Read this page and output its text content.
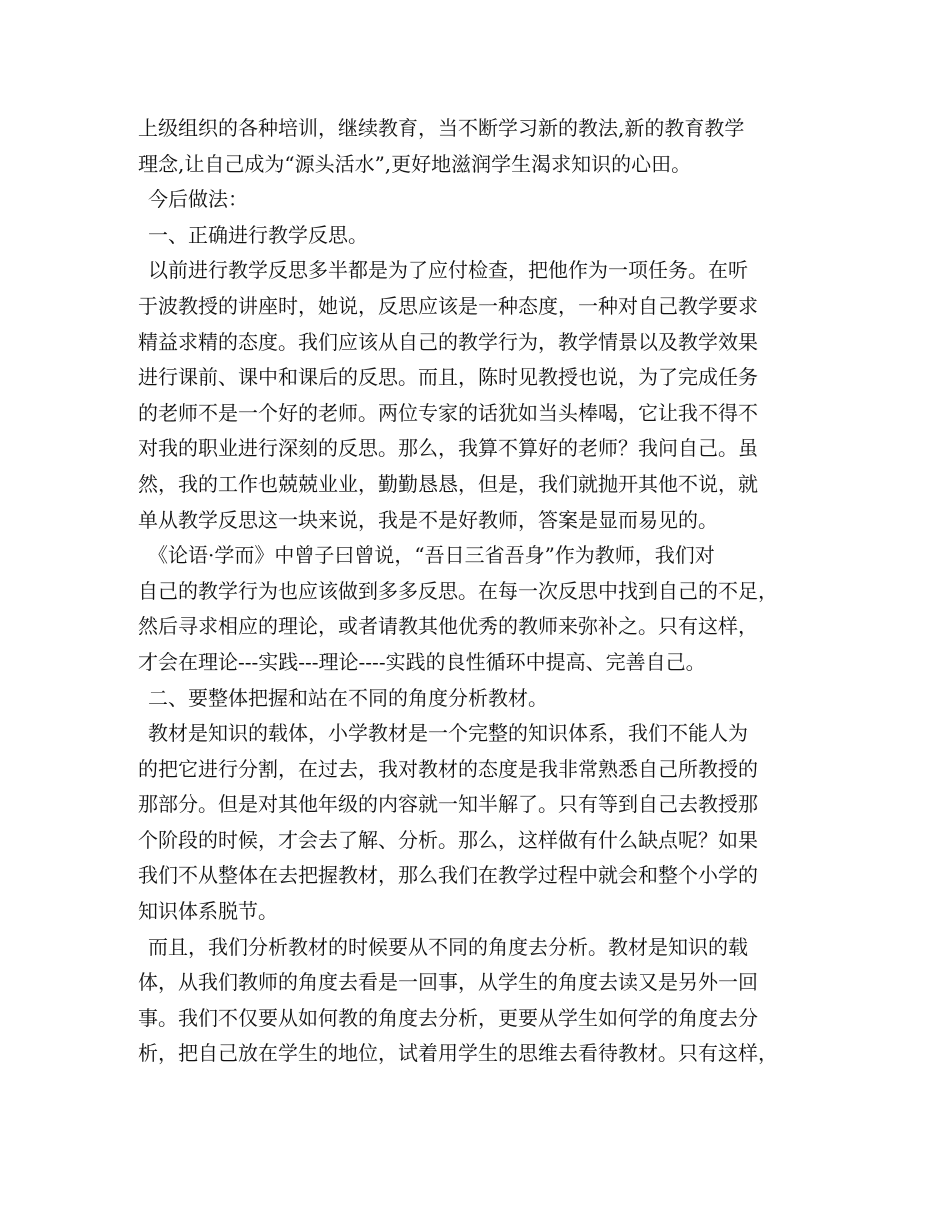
上级组织的各种培训，继续教育，当不断学习新的教法,新的教育教学
理念,让自己成为“源头活水”,更好地滋润学生渴求知识的心田。
今后做法：
一、正确进行教学反思。
以前进行教学反思多半都是为了应付检查，把他作为一项任务。在听
于波教授的讲座时，她说，反思应该是一种态度，一种对自己教学要求
精益求精的态度。我们应该从自己的教学行为，教学情景以及教学效果
进行课前、课中和课后的反思。而且，陈时见教授也说，为了完成任务
的老师不是一个好的老师。两位专家的话犹如当头棒喝，它让我不得不
对我的职业进行深刻的反思。那么，我算不算好的老师？我问自己。虽
然，我的工作也兢兢业业，勤勤恳恳，但是，我们就抛开其他不说，就
单从教学反思这一块来说，我是不是好教师，答案是显而易见的。
《论语·学而》中曾子曰曾说，“吾日三省吾身”作为教师，我们对
自己的教学行为也应该做到多多反思。在每一次反思中找到自己的不足，
然后寻求相应的理论，或者请教其他优秀的教师来弥补之。只有这样，
才会在理论---实践---理论----实践的良性循环中提高、完善自己。
二、要整体把握和站在不同的角度分析教材。
教材是知识的载体，小学教材是一个完整的知识体系，我们不能人为
的把它进行分割，在过去，我对教材的态度是我非常熟悉自己所教授的
那部分。但是对其他年级的内容就一知半解了。只有等到自己去教授那
个阶段的时候，才会去了解、分析。那么，这样做有什么缺点呢？如果
我们不从整体在去把握教材，那么我们在教学过程中就会和整个小学的
知识体系脱节。
而且，我们分析教材的时候要从不同的角度去分析。教材是知识的载
体，从我们教师的角度去看是一回事，从学生的角度去读又是另外一回
事。我们不仅要从如何教的角度去分析，更要从学生如何学的角度去分
析，把自己放在学生的地位，试着用学生的思维去看待教材。只有这样，
